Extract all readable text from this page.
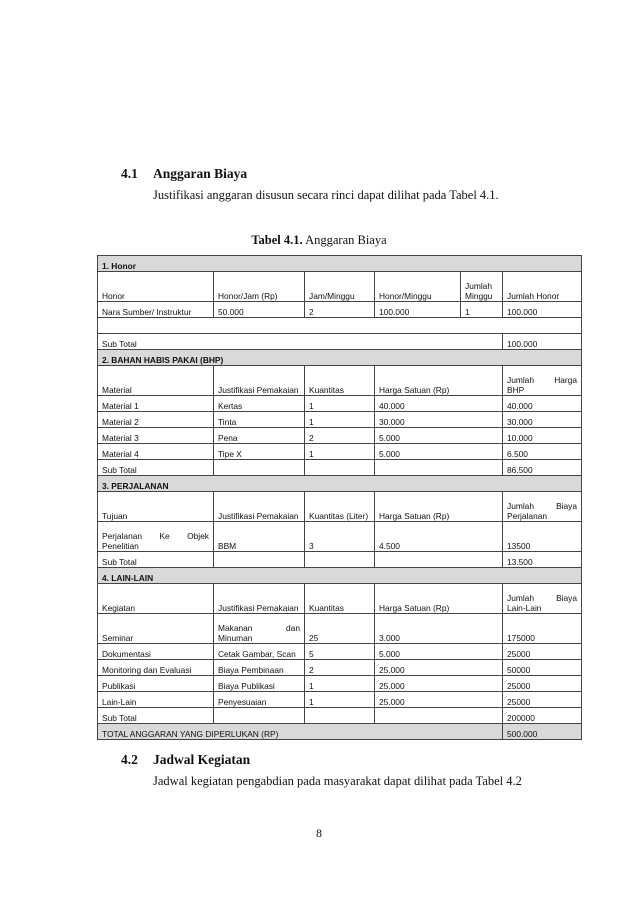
4.1 Anggaran Biaya
Justifikasi anggaran disusun secara rinci dapat dilihat pada Tabel 4.1.
Tabel 4.1. Anggaran Biaya
1. Honor					
Honor	Honor/Jam (Rp)	Jam/Minggu	Honor/Minggu	Jumlah Minggu	Jumlah Honor
Nara Sumber/ Instruktur	50.000	2	100.000	1	100.000

Sub Total					100.000
2. BAHAN HABIS PAKAI (BHP)					
Material	Justifikasi Pemakaian	Kuantitas	Harga Satuan (Rp)		Jumlah Harga BHP

Material 1	Kertas	1	40.000		40.000
Material 2	Tinta	1	30.000		30.000
Material 3	Pena	2	5.000		10.000
Material 4	Tipe X	1	5.000		6.500
Sub Total					86.500
3. PERJALANAN					
Tujuan	Justifikasi Pemakaian	Kuantitas (Liter)	Harga Satuan (Rp)		Jumlah Biaya Perjalanan

Perjalanan Ke Objek Penelitian	BBM	3	4.500		13500
Sub Total					13.500
4. LAIN-LAIN					
Kegiatan	Justifikasi Pemakaian	Kuantitas	Harga Satuan (Rp)		Jumlah Biaya Lain-Lain

Seminar	Makanan dan Minuman	25	3.000		175000
Dokumentasi	Cetak Gambar, Scan	5	5.000		25000
Monitoring dan Evaluasi	Biaya Pembinaan	2	25.000		50000
Publikasi	Biaya Publikasi	1	25.000		25000
Lain-Lain	Penyesuaian	1	25.000		25000
Sub Total					200000
TOTAL ANGGARAN YANG DIPERLUKAN (RP)					500.000
4.2 Jadwal Kegiatan
Jadwal kegiatan pengabdian pada masyarakat dapat dilihat pada Tabel 4.2
8
